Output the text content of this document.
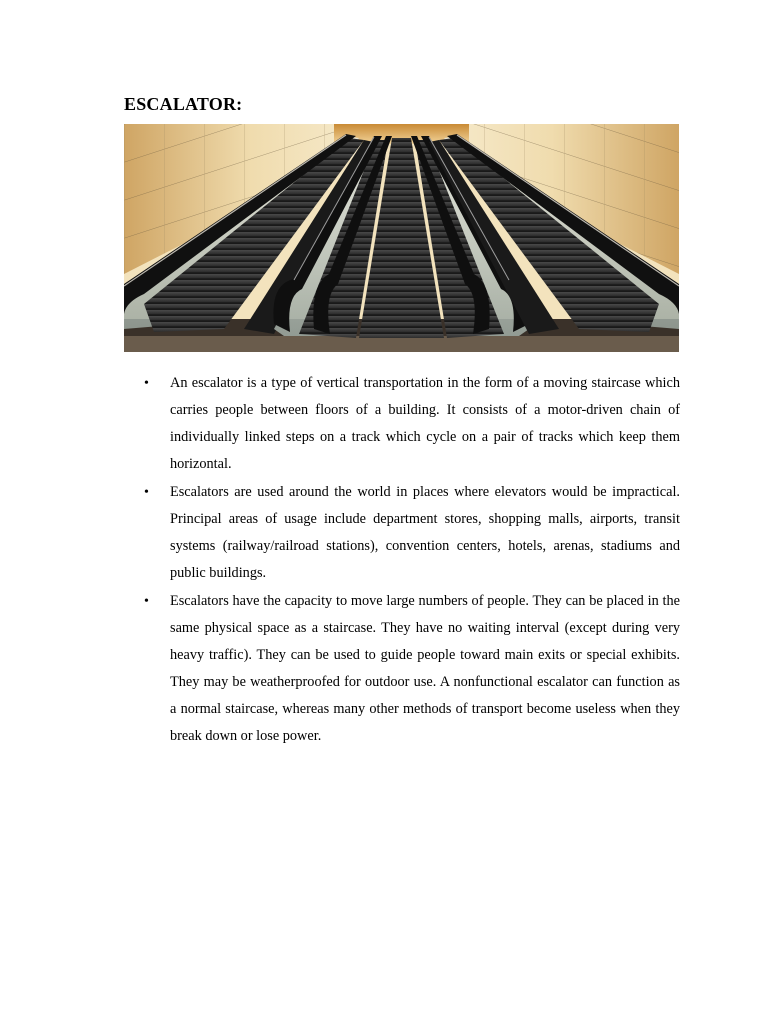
ESCALATOR:
• An escalator is a type of vertical transportation in the form of a moving staircase which carries people between floors of a building. It consists of a motor-driven chain of individually linked steps on a track which cycle on a pair of tracks which keep them horizontal.
• Escalators are used around the world in places where elevators would be impractical. Principal areas of usage include department stores, shopping malls, airports, transit systems (railway/railroad stations), convention centers, hotels, arenas, stadiums and public buildings.
• Escalators have the capacity to move large numbers of people. They can be placed in the same physical space as a staircase. They have no waiting interval (except during very heavy traffic). They can be used to guide people toward main exits or special exhibits. They may be weatherproofed for outdoor use. A nonfunctional escalator can function as a normal staircase, whereas many other methods of transport become useless when they break down or lose power.
